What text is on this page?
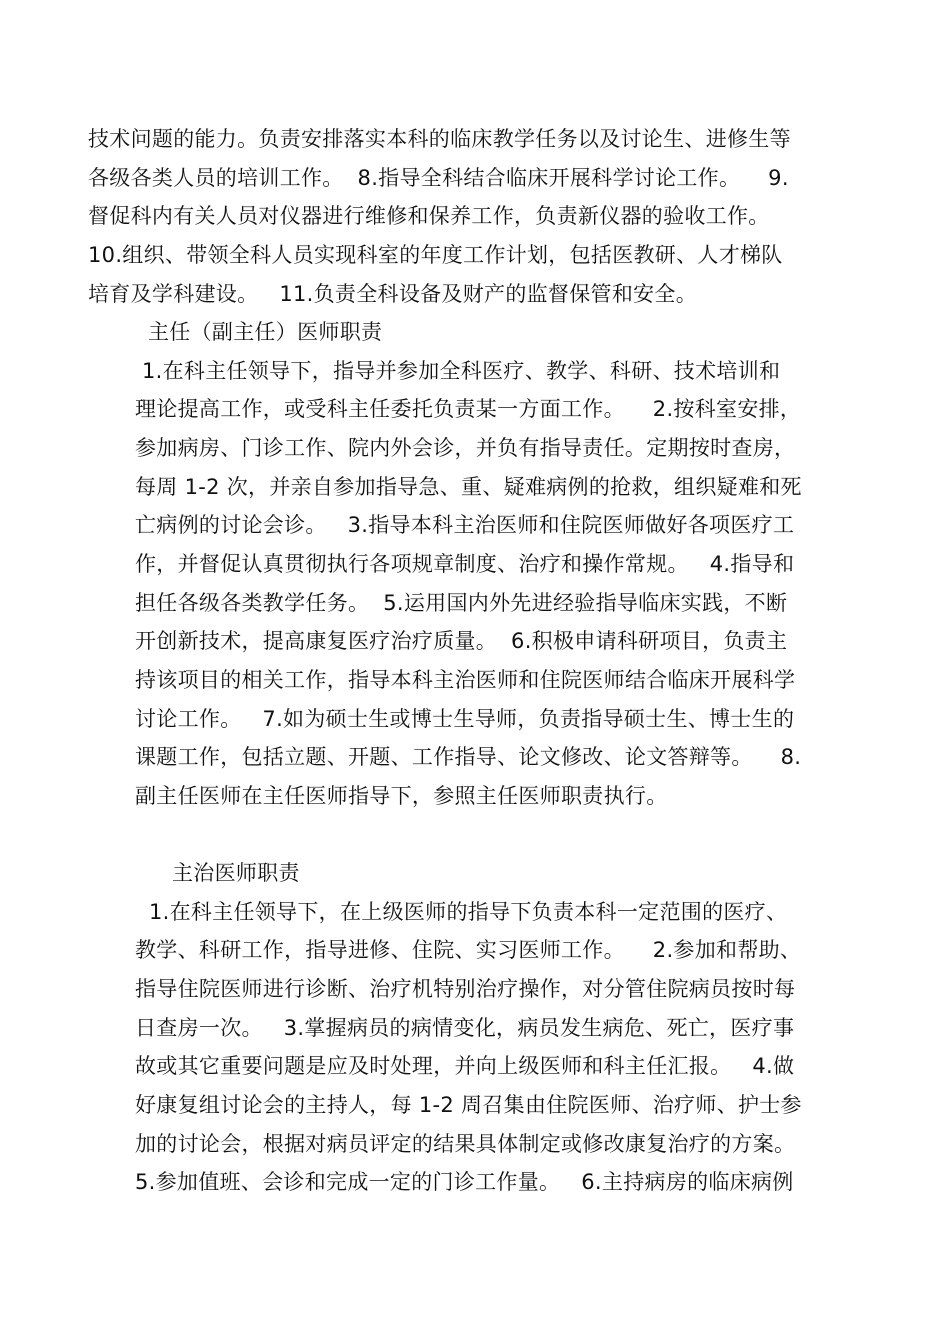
技术问题的能力。负责安排落实本科的临床教学任务以及讨论生、进修生等
各级各类人员的培训工作。  8.指导全科结合临床开展科学讨论工作。    9.
督促科内有关人员对仪器进行维修和保养工作，负责新仪器的验收工作。
10.组织、带领全科人员实现科室的年度工作计划，包括医教研、人才梯队
培育及学科建设。   11.负责全科设备及财产的监督保管和安全。
主任（副主任）医师职责
1.在科主任领导下，指导并参加全科医疗、教学、科研、技术培训和
理论提高工作，或受科主任委托负责某一方面工作。    2.按科室安排，
参加病房、门诊工作、院内外会诊，并负有指导责任。定期按时查房，
每周 1-2 次，并亲自参加指导急、重、疑难病例的抢救，组织疑难和死
亡病例的讨论会诊。   3.指导本科主治医师和住院医师做好各项医疗工
作，并督促认真贯彻执行各项规章制度、治疗和操作常规。   4.指导和
担任各级各类教学任务。  5.运用国内外先进经验指导临床实践，不断
开创新技术，提高康复医疗治疗质量。  6.积极申请科研项目，负责主
持该项目的相关工作，指导本科主治医师和住院医师结合临床开展科学
讨论工作。   7.如为硕士生或博士生导师，负责指导硕士生、博士生的
课题工作，包括立题、开题、工作指导、论文修改、论文答辩等。    8.
副主任医师在主任医师指导下，参照主任医师职责执行。
主治医师职责
1.在科主任领导下，在上级医师的指导下负责本科一定范围的医疗、
教学、科研工作，指导进修、住院、实习医师工作。    2.参加和帮助、
指导住院医师进行诊断、治疗机特别治疗操作，对分管住院病员按时每
日查房一次。   3.掌握病员的病情变化，病员发生病危、死亡，医疗事
故或其它重要问题是应及时处理，并向上级医师和科主任汇报。   4.做
好康复组讨论会的主持人，每 1-2 周召集由住院医师、治疗师、护士参
加的讨论会，根据对病员评定的结果具体制定或修改康复治疗的方案。
5.参加值班、会诊和完成一定的门诊工作量。   6.主持病房的临床病例
